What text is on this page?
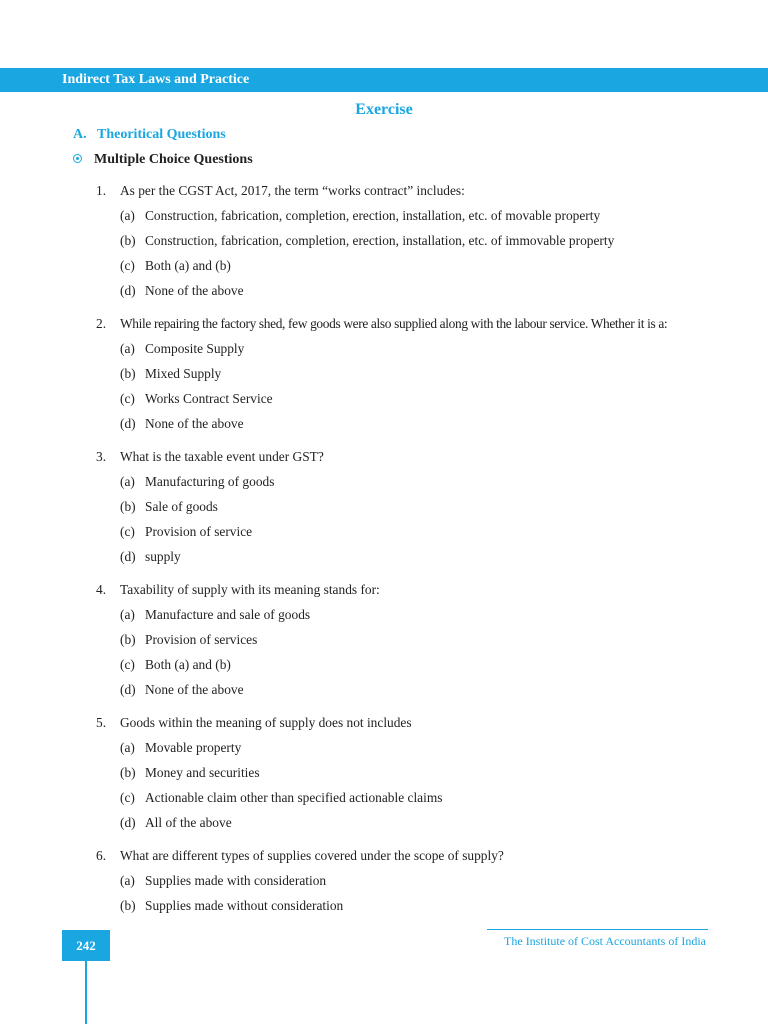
Indirect Tax Laws and Practice
Exercise
A. Theoritical Questions
Multiple Choice Questions
1. As per the CGST Act, 2017, the term “works contract” includes:
(a) Construction, fabrication, completion, erection, installation, etc. of movable property
(b) Construction, fabrication, completion, erection, installation, etc. of immovable property
(c) Both (a) and (b)
(d) None of the above
2. While repairing the factory shed, few goods were also supplied along with the labour service. Whether it is a:
(a) Composite Supply
(b) Mixed Supply
(c) Works Contract Service
(d) None of the above
3. What is the taxable event under GST?
(a) Manufacturing of goods
(b) Sale of goods
(c) Provision of service
(d) supply
4. Taxability of supply with its meaning stands for:
(a) Manufacture and sale of goods
(b) Provision of services
(c) Both (a) and (b)
(d) None of the above
5. Goods within the meaning of supply does not includes
(a) Movable property
(b) Money and securities
(c) Actionable claim other than specified actionable claims
(d) All of the above
6. What are different types of supplies covered under the scope of supply?
(a) Supplies made with consideration
(b) Supplies made without consideration
The Institute of Cost Accountants of India
242
